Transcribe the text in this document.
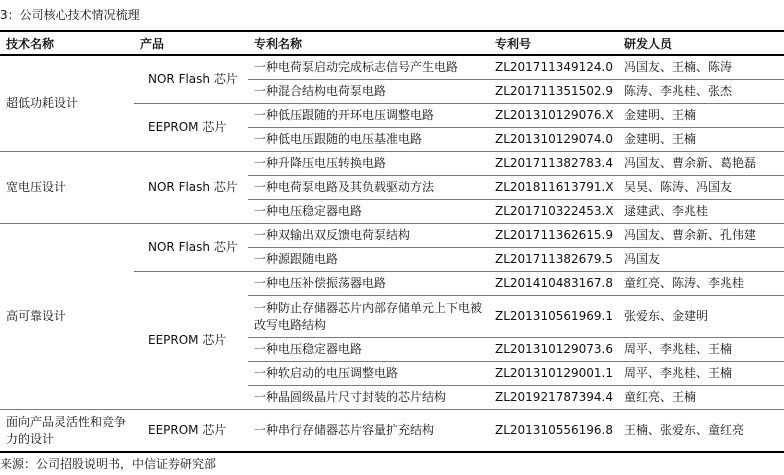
3：公司核心技术情况梳理
技术名称	产品	专利名称	专利号	研发人员
超低功耗设计	NOR Flash 芯片	一种电荷泵启动完成标志信号产生电路	ZL201711349124.0	冯国友、王楠、陈涛
		一种混合结构电荷泵电路	ZL201711351502.9	陈涛、李兆桂、张杰
	EEPROM 芯片	一种低压跟随的开环电压调整电路	ZL201310129076.X	金建明、王楠
		一种低电压跟随的电压基准电路	ZL201310129074.0	金建明、王楠
宽电压设计	NOR Flash 芯片	一种升降压电压转换电路	ZL201711382783.4	冯国友、曹余新、葛艳磊
		一种电荷泵电路及其负载驱动方法	ZL201811613791.X	吴昊、陈涛、冯国友
		一种电压稳定器电路	ZL201710322453.X	逯建武、李兆桂
高可靠设计	NOR Flash 芯片	一种双输出双反馈电荷泵结构	ZL201711362615.9	冯国友、曹余新、孔伟建
		一种源跟随电路	ZL201711382679.5	冯国友
	EEPROM 芯片	一种电压补偿振荡器电路	ZL201410483167.8	童红亮、陈涛、李兆桂
		一种防止存储器芯片内部存储单元上下电被改写电路结构	ZL201310561969.1	张爱东、金建明
		一种电压稳定器电路	ZL201310129073.6	周平、李兆桂、王楠
		一种软启动的电压调整电路	ZL201310129001.1	周平、李兆桂、王楠
		一种晶圆级晶片尺寸封装的芯片结构	ZL201921787394.4	童红亮、王楠
面向产品灵活性和竞争力的设计	EEPROM 芯片	一种串行存储器芯片容量扩充结构	ZL201310556196.8	王楠、张爱东、童红亮
来源：公司招股说明书，中信证券研究部
